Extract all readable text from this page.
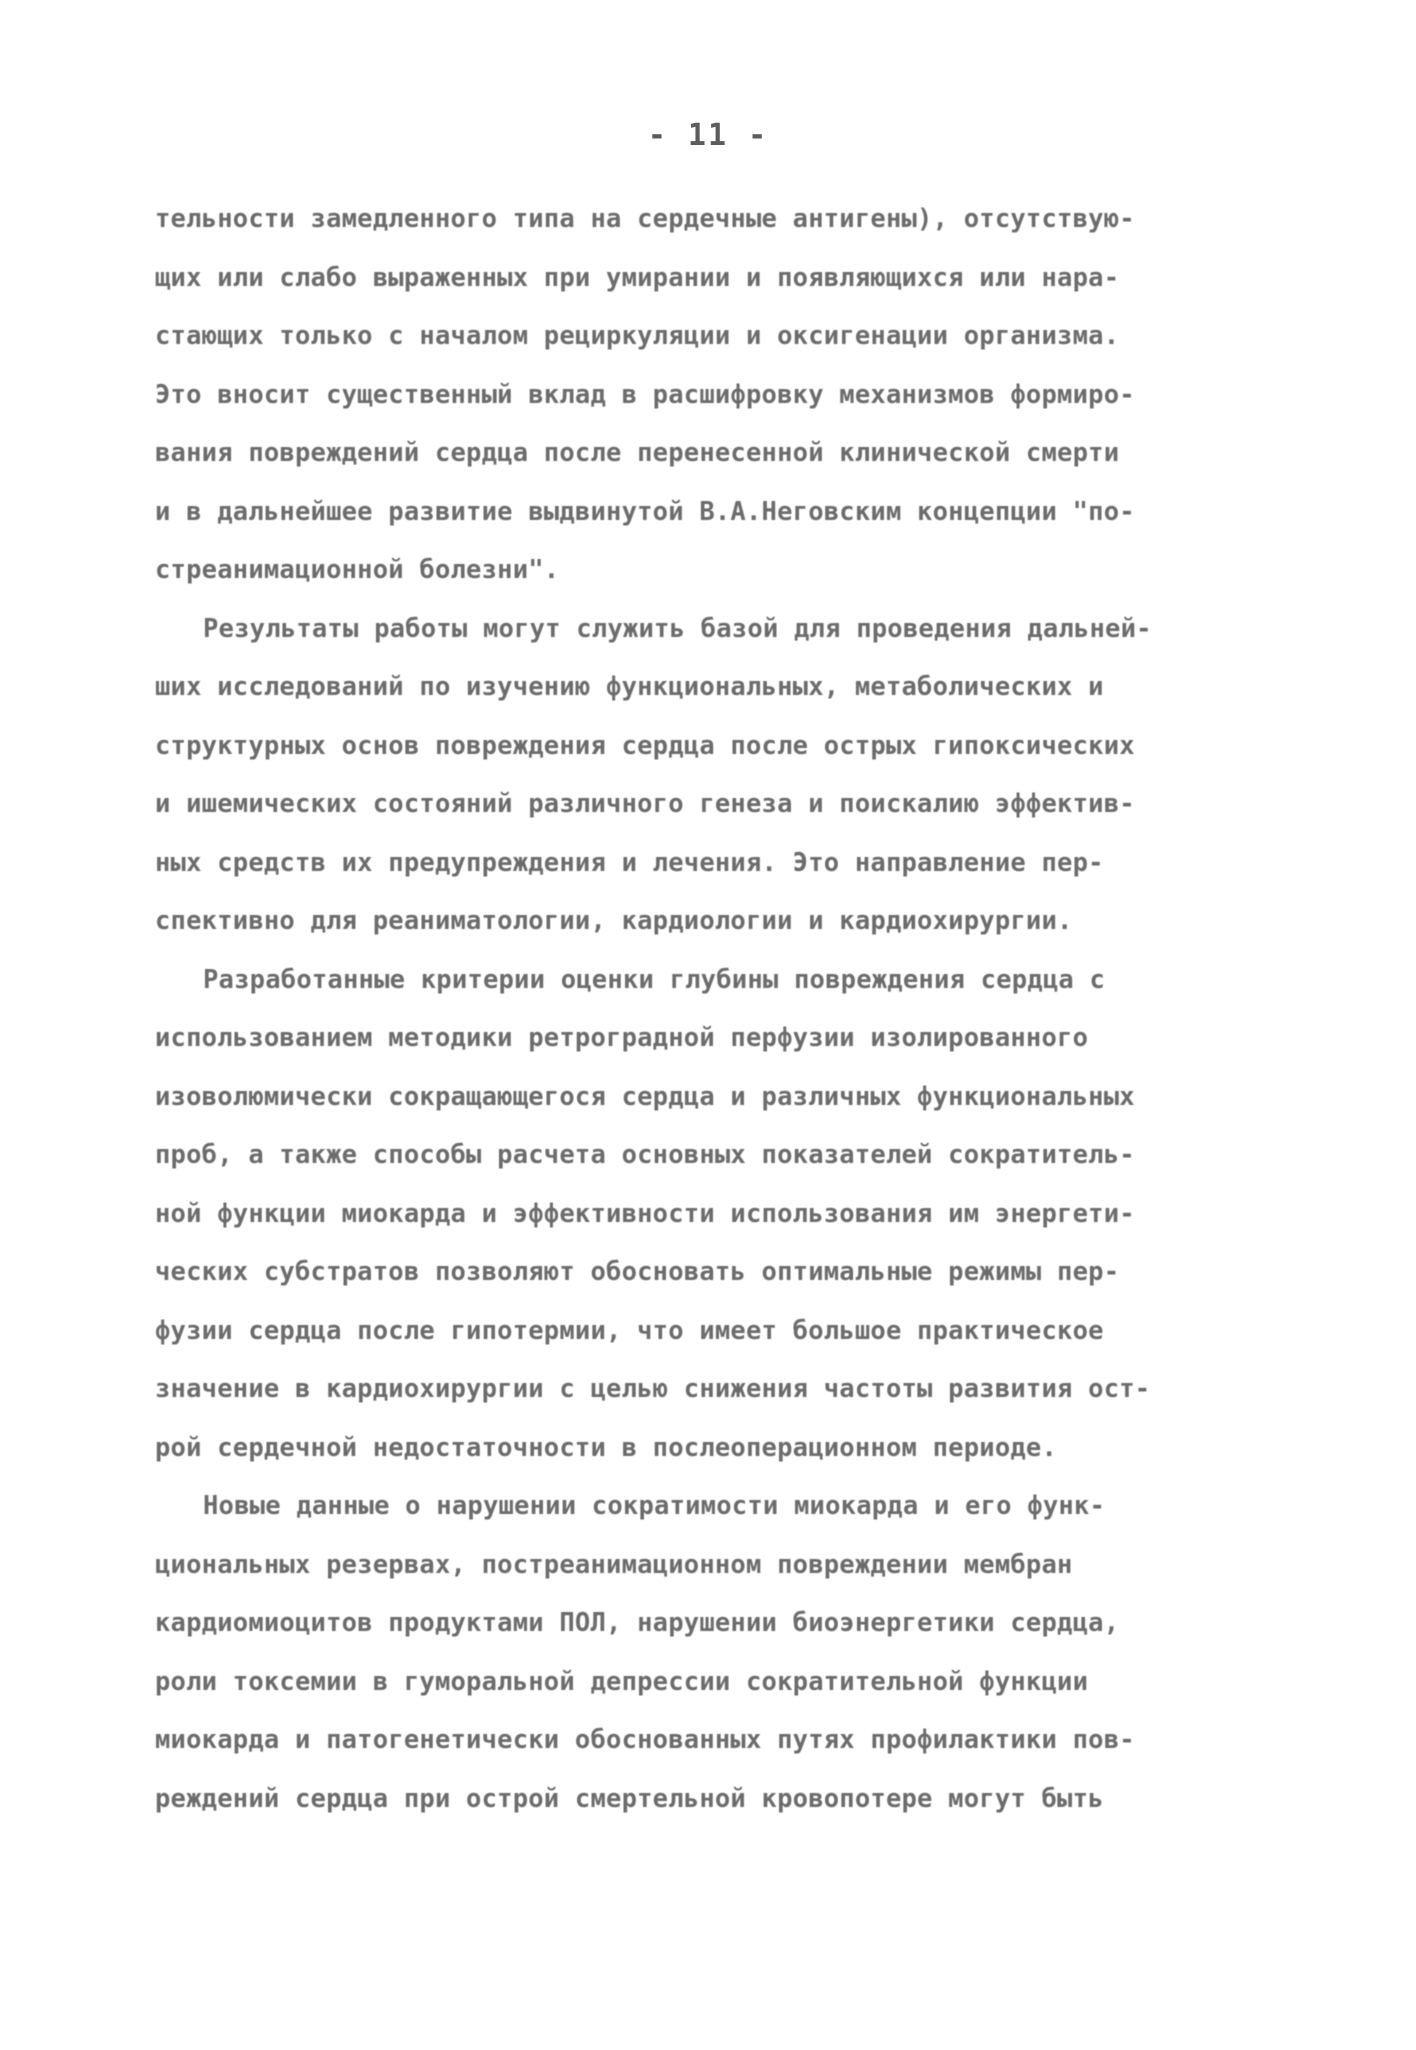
- 11 -
тельности замедленного типа на сердечные антигены), отсутствую-
щих или слабо выраженных при умирании и появляющихся или нара-
стающих только с началом рециркуляции и оксигенации организма.
Это вносит существенный вклад в расшифровку механизмов формиро-
вания повреждений сердца после перенесенной клинической смерти
и в дальнейшее развитие выдвинутой В.А.Неговским концепции "по-
стреанимационной болезни".
Результаты работы могут служить базой для проведения дальней-
ших исследований по изучению функциональных, метаболических и
структурных основ повреждения сердца после острых гипоксических
и ишемических состояний различного генеза и поискалию эффектив-
ных средств их предупреждения и лечения. Это направление пер-
спективно для реаниматологии, кардиологии и кардиохирургии.
Разработанные критерии оценки глубины повреждения сердца с
использованием методики ретроградной перфузии изолированного
изоволюмически сокращающегося сердца и различных функциональных
проб, а также способы расчета основных показателей сократитель-
ной функции миокарда и эффективности использования им энергети-
ческих субстратов позволяют обосновать оптимальные режимы пер-
фузии сердца после гипотермии, что имеет большое практическое
значение в кардиохирургии с целью снижения частоты развития ост-
рой сердечной недостаточности в послеоперационном периоде.
Новые данные о нарушении сократимости миокарда и его функ-
циональных резервах, постреанимационном повреждении мембран
кардиомиоцитов продуктами ПОЛ, нарушении биоэнергетики сердца,
роли токсемии в гуморальной депрессии сократительной функции
миокарда и патогенетически обоснованных путях профилактики пов-
реждений сердца при острой смертельной кровопотере могут быть
